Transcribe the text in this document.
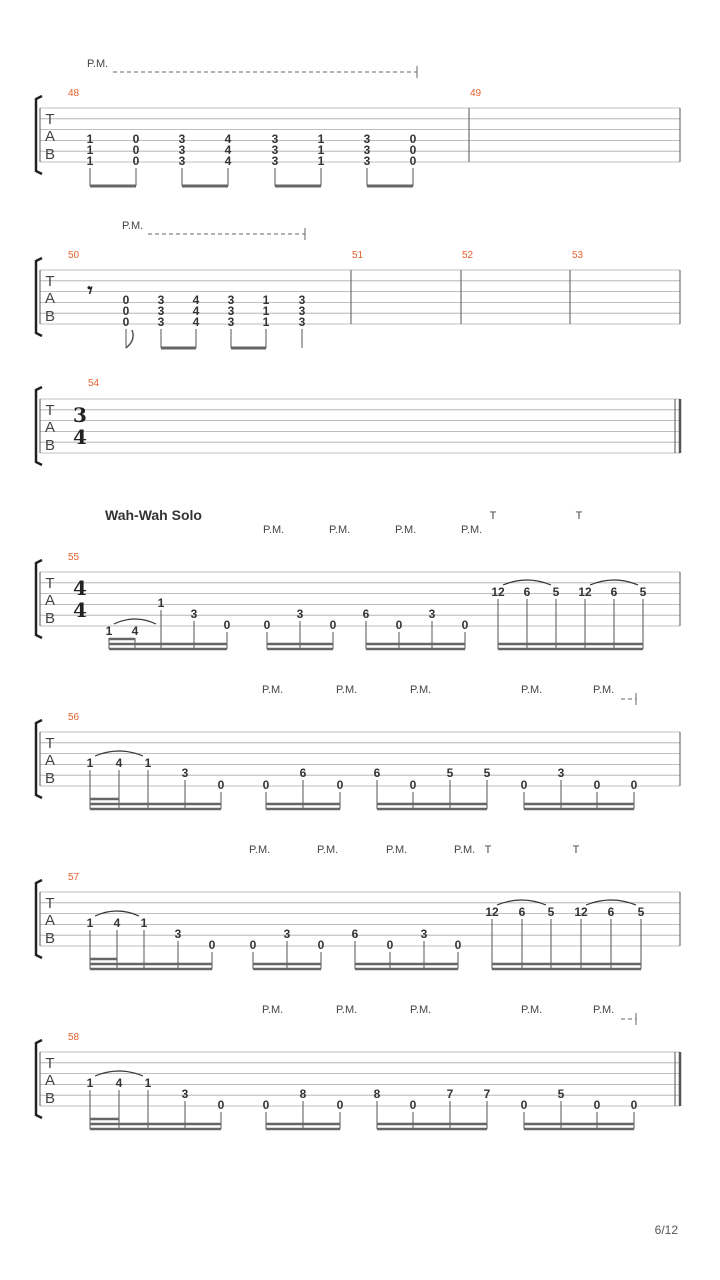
P.M.
T
A
B
48	49
1
1
1
0
0
0
3
3
3
4
4
4
3
3
3
1
1
1
3
3
3
0
0
0
P.M.
T
A
B
50	51	52	53
𝄾 0
0
0
3
3
3
4
4
4
3
3
3
1
1
1
3
3
3
T
A
B
54
3
4
Wah-Wah Solo
P.M.	P.M.	P.M.	P.M.
T	T
T
A
B
55
4
4
1 4
1
3
0	0
3
0
6
0
3
0
12 6 5 12 6 5
P.M.	P.M.	P.M.	P.M.	P.M.
T
A
B
56
1 4 1
3
0	0
6
0
6
0
5	5
0
3
0	0
P.M.	P.M.	P.M.	P.M. T	T
T
A
B
57
1 4 1
3
0	0
3
0
6
0
3
0
12 6 5 12 6 5
P.M.	P.M.	P.M.	P.M.	P.M.
T
A
B
58
1 4 1
3
0	0
8
0
8
0
7	7
0
5
0	0
6/12
